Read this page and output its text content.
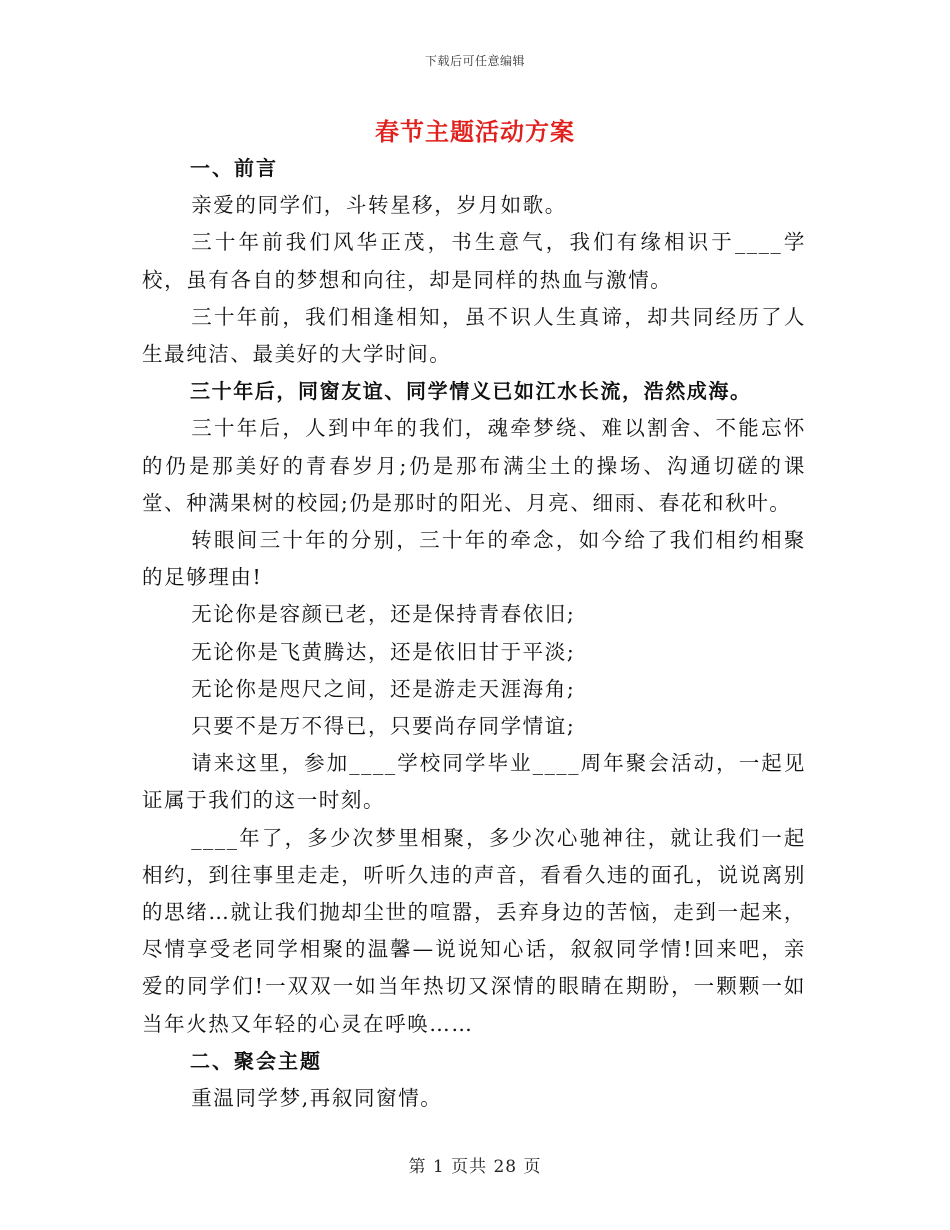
下载后可任意编辑
春节主题活动方案

一、前言

亲爱的同学们，斗转星移，岁月如歌。

三十年前我们风华正茂，书生意气，我们有缘相识于____学校，虽有各自的梦想和向往，却是同样的热血与激情。

三十年前，我们相逢相知，虽不识人生真谛，却共同经历了人生最纯洁、最美好的大学时间。

三十年后，同窗友谊、同学情义已如江水长流，浩然成海。

三十年后，人到中年的我们，魂牵梦绕、难以割舍、不能忘怀的仍是那美好的青春岁月;仍是那布满尘土的操场、沟通切磋的课堂、种满果树的校园;仍是那时的阳光、月亮、细雨、春花和秋叶。

转眼间三十年的分别，三十年的牵念，如今给了我们相约相聚的足够理由!

无论你是容颜已老，还是保持青春依旧;

无论你是飞黄腾达，还是依旧甘于平淡;

无论你是咫尺之间，还是游走天涯海角;

只要不是万不得已，只要尚存同学情谊;

请来这里，参加____学校同学毕业____周年聚会活动，一起见证属于我们的这一时刻。

____年了，多少次梦里相聚，多少次心驰神往，就让我们一起相约，到往事里走走，听听久违的声音，看看久违的面孔，说说离别的思绪…就让我们抛却尘世的喧嚣，丢弃身边的苦恼，走到一起来，尽情享受老同学相聚的温馨—说说知心话，叙叙同学情!回来吧，亲爱的同学们!一双双一如当年热切又深情的眼睛在期盼，一颗颗一如当年火热又年轻的心灵在呼唤……

二、聚会主题

重温同学梦,再叙同窗情。

第 1 页共 28 页
